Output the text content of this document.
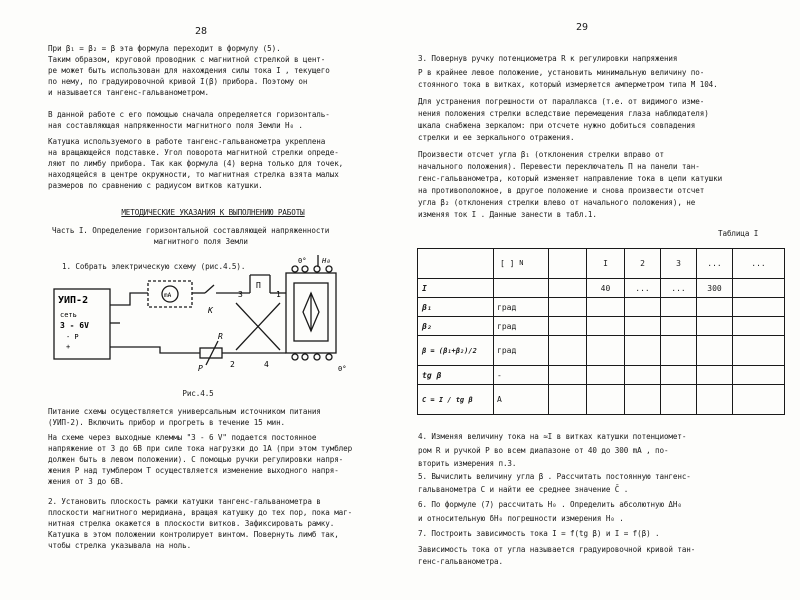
28
При β₁ = β₂ = β эта формула переходит в формулу (5).
Таким образом, круговой проводник с магнитной стрелкой в цент-
ре может быть использован для нахождения силы тока I , текущего
по нему, по градуировочной кривой I(β) прибора. Поэтому он
и называется тангенс-гальванометром.
В данной работе с его помощью сначала определяется горизонталь-
ная составляющая напряженности магнитного поля Земли H₀ .
Катушка используемого в работе тангенс-гальванометра укреплена
на вращающейся подставке. Угол поворота магнитной стрелки опреде-
ляют по лимбу прибора. Так как формула (4) верна только для точек,
находящейся в центре окружности, то магнитная стрелка взята малых
размеров по сравнению с радиусом витков катушки.
МЕТОДИЧЕСКИЕ УКАЗАНИЯ К ВЫПОЛНЕНИЮ РАБОТЫ
Часть I. Определение горизонтальной составляющей напряженности
магнитного поля Земли
1. Собрать электрическую схему (рис.4.5).
УИП-2
сеть
3 - 6V
- P
+
mA
К
3	1
П
2	4
R
P
0°
0°
H₀
Рис.4.5
Питание схемы осуществляется универсальным источником питания
(УИП-2). Включить прибор и прогреть в течение 15 мин.
На схеме через выходные клеммы "3 - 6 V" подается постоянное
напряжение от 3 до 6В при силе тока нагрузки до 1А (при этом тумблер
должен быть в левом положении). С помощью ручки регулировки напря-
жения P над тумблером T осуществляется изменение выходного напря-
жения от 3 до 6В.
2. Установить плоскость рамки катушки тангенс-гальванометра в
плоскости магнитного меридиана, вращая катушку до тех пор, пока маг-
нитная стрелка окажется в плоскости витков. Зафиксировать рамку.
Катушка в этом положении контролирует винтом. Повернуть лимб так,
чтобы стрелка указывала на ноль.
29
3. Повернув ручку потенциометра R к регулировки напряжения
P в крайнее левое положение, установить минимальную величину по-
стоянного тока в витках, который измеряется амперметром типа М 104.
Для устранения погрешности от параллакса (т.е. от видимого изме-
нения положения стрелки вследствие перемещения глаза наблюдателя)
шкала снабжена зеркалом: при отсчете нужно добиться совпадения
стрелки и ее зеркального отражения.
Произвести отсчет угла β₁ (отклонения стрелки вправо от
начального положения). Перевести переключатель П на панели тан-
генс-гальванометра, который изменяет направление тока в цепи катушки
на противоположное, в другое положение и снова произвести отсчет
угла β₂ (отклонения стрелки влево от начального положения), не
изменяя ток I . Данные занести в табл.1.
Таблица I
	[ ] N		I	2	3	...	...
I			40	...	...	300	
β₁	град						
β₂	град						
β = (β₁+β₂)/2	град						
tg β	-						
C = I / tg β	A						
4. Изменяя величину тока на ≈I в витках катушки потенциомет-
ром R и ручкой P во всем диапазоне от 40 до 300 mA , по-
вторить измерения п.3.
5. Вычислить величину угла β . Рассчитать постоянную тангенс-
гальванометра C и найти ее среднее значение C̄ .
6. По формуле (7) рассчитать H₀ . Определить абсолютную ΔH₀
и относительную δH₀ погрешности измерения H₀ .
7. Построить зависимость тока I = f(tg β) и I = f(β) .
Зависимость тока от угла называется градуировочной кривой тан-
генс-гальванометра.
